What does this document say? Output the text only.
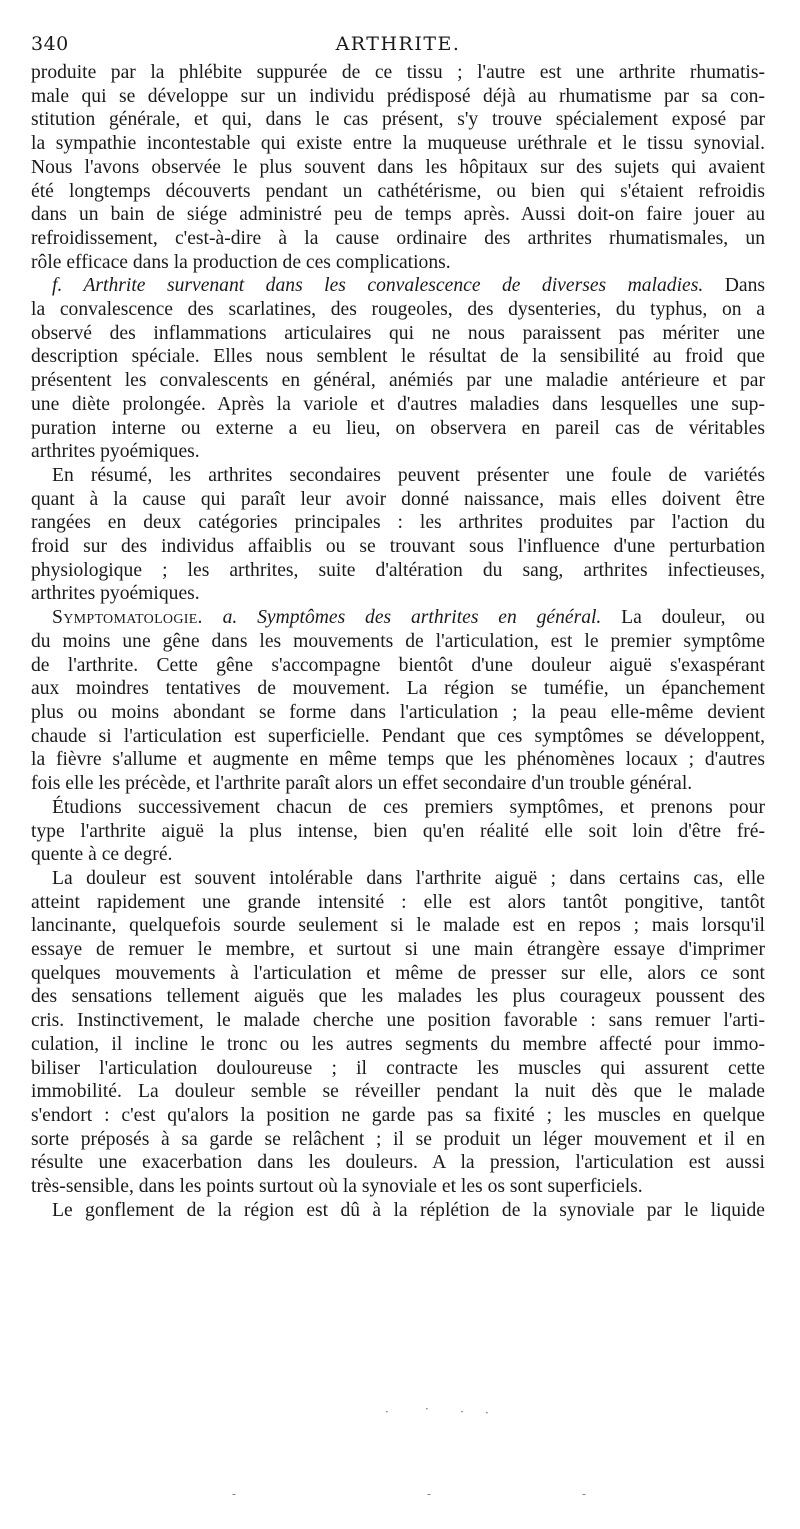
340	ARTHRITE.
produite par la phlébite suppurée de ce tissu ; l'autre est une arthrite rhumatis-
male qui se développe sur un individu prédisposé déjà au rhumatisme par sa con-
stitution générale, et qui, dans le cas présent, s'y trouve spécialement exposé par
la sympathie incontestable qui existe entre la muqueuse uréthrale et le tissu synovial.
Nous l'avons observée le plus souvent dans les hôpitaux sur des sujets qui avaient
été longtemps découverts pendant un cathétérisme, ou bien qui s'étaient refroidis
dans un bain de siége administré peu de temps après. Aussi doit-on faire jouer au
refroidissement, c'est-à-dire à la cause ordinaire des arthrites rhumatismales, un
rôle efficace dans la production de ces complications.
f. Arthrite survenant dans les convalescence de diverses maladies. Dans
la convalescence des scarlatines, des rougeoles, des dysenteries, du typhus, on a
observé des inflammations articulaires qui ne nous paraissent pas mériter une
description spéciale. Elles nous semblent le résultat de la sensibilité au froid que
présentent les convalescents en général, anémiés par une maladie antérieure et par
une diète prolongée. Après la variole et d'autres maladies dans lesquelles une sup-
puration interne ou externe a eu lieu, on observera en pareil cas de véritables
arthrites pyoémiques.
En résumé, les arthrites secondaires peuvent présenter une foule de variétés
quant à la cause qui paraît leur avoir donné naissance, mais elles doivent être
rangées en deux catégories principales : les arthrites produites par l'action du
froid sur des individus affaiblis ou se trouvant sous l'influence d'une perturbation
physiologique ; les arthrites, suite d'altération du sang, arthrites infectieuses,
arthrites pyoémiques.
Symptomatologie. a. Symptômes des arthrites en général. La douleur, ou
du moins une gêne dans les mouvements de l'articulation, est le premier symptôme
de l'arthrite. Cette gêne s'accompagne bientôt d'une douleur aiguë s'exaspérant
aux moindres tentatives de mouvement. La région se tuméfie, un épanchement
plus ou moins abondant se forme dans l'articulation ; la peau elle-même devient
chaude si l'articulation est superficielle. Pendant que ces symptômes se développent,
la fièvre s'allume et augmente en même temps que les phénomènes locaux ; d'autres
fois elle les précède, et l'arthrite paraît alors un effet secondaire d'un trouble général.
Étudions successivement chacun de ces premiers symptômes, et prenons pour
type l'arthrite aiguë la plus intense, bien qu'en réalité elle soit loin d'être fré-
quente à ce degré.
La douleur est souvent intolérable dans l'arthrite aiguë ; dans certains cas, elle
atteint rapidement une grande intensité : elle est alors tantôt pongitive, tantôt
lancinante, quelquefois sourde seulement si le malade est en repos ; mais lorsqu'il
essaye de remuer le membre, et surtout si une main étrangère essaye d'imprimer
quelques mouvements à l'articulation et même de presser sur elle, alors ce sont
des sensations tellement aiguës que les malades les plus courageux poussent des
cris. Instinctivement, le malade cherche une position favorable : sans remuer l'arti-
culation, il incline le tronc ou les autres segments du membre affecté pour immo-
biliser l'articulation douloureuse ; il contracte les muscles qui assurent cette
immobilité. La douleur semble se réveiller pendant la nuit dès que le malade
s'endort : c'est qu'alors la position ne garde pas sa fixité ; les muscles en quelque
sorte préposés à sa garde se relâchent ; il se produit un léger mouvement et il en
résulte une exacerbation dans les douleurs. A la pression, l'articulation est aussi
très-sensible, dans les points surtout où la synoviale et les os sont superficiels.
Le gonflement de la région est dû à la réplétion de la synoviale par le liquide
·	·	· ·
-	-	-
